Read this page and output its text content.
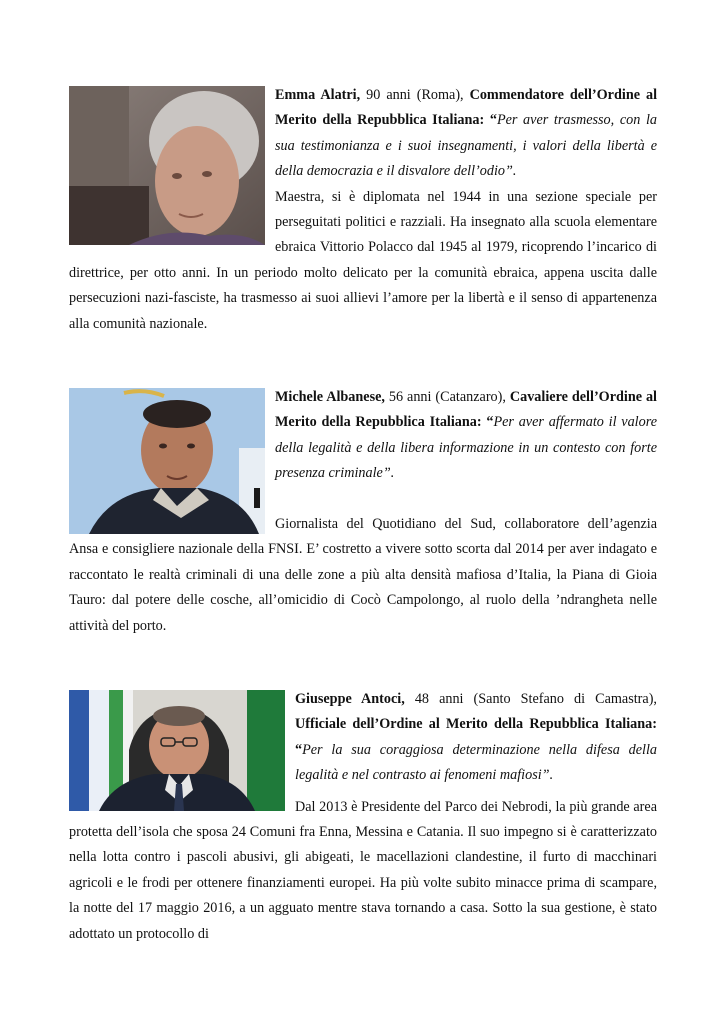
Emma Alatri, 90 anni (Roma), Commendatore dell’Ordine al Merito della Repubblica Italiana: “Per aver trasmesso, con la sua testimonianza e i suoi insegnamenti, i valori della libertà e della democrazia e il disvalore dell’odio”.
Maestra, si è diplomata nel 1944 in una sezione speciale per perseguitati politici e razziali. Ha insegnato alla scuola elementare ebraica Vittorio Polacco dal 1945 al 1979, ricoprendo l’incarico di direttrice, per otto anni. In un periodo molto delicato per la comunità ebraica, appena uscita dalle persecuzioni nazi-fasciste, ha trasmesso ai suoi allievi l’amore per la libertà e il senso di appartenenza alla comunità nazionale.

Michele Albanese, 56 anni (Catanzaro), Cavaliere dell’Ordine al Merito della Repubblica Italiana: “Per aver affermato il valore della legalità e della libera informazione in un contesto con forte presenza criminale”.

Giornalista del Quotidiano del Sud, collaboratore dell’agenzia Ansa e consigliere nazionale della FNSI. E’ costretto a vivere sotto scorta dal 2014 per aver indagato e raccontato le realtà criminali di una delle zone a più alta densità mafiosa d’Italia, la Piana di Gioia Tauro: dal potere delle cosche, all’omicidio di Cocò Campolongo, al ruolo della ’ndrangheta nelle attività del porto.

Giuseppe Antoci, 48 anni (Santo Stefano di Camastra), Ufficiale dell’Ordine al Merito della Repubblica Italiana: “Per la sua coraggiosa determinazione nella difesa della legalità e nel contrasto ai fenomeni mafiosi”.

Dal 2013 è Presidente del Parco dei Nebrodi, la più grande area protetta dell’isola che sposa 24 Comuni fra Enna, Messina e Catania. Il suo impegno si è caratterizzato nella lotta contro i pascoli abusivi, gli abigeati, le macellazioni clandestine, il furto di macchinari agricoli e le frodi per ottenere finanziamenti europei. Ha più volte subito minacce prima di scampare, la notte del 17 maggio 2016, a un agguato mentre stava tornando a casa. Sotto la sua gestione, è stato adottato un protocollo di
